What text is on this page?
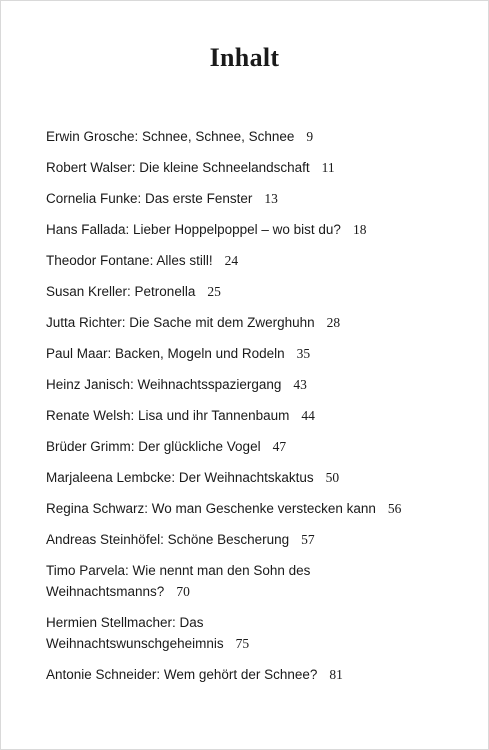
Inhalt
Erwin Grosche: Schnee, Schnee, Schnee 9
Robert Walser: Die kleine Schneelandschaft 11
Cornelia Funke: Das erste Fenster 13
Hans Fallada: Lieber Hoppelpoppel – wo bist du? 18
Theodor Fontane: Alles still! 24
Susan Kreller: Petronella 25
Jutta Richter: Die Sache mit dem Zwerghuhn 28
Paul Maar: Backen, Mogeln und Rodeln 35
Heinz Janisch: Weihnachtsspaziergang 43
Renate Welsh: Lisa und ihr Tannenbaum 44
Brüder Grimm: Der glückliche Vogel 47
Marjaleena Lembcke: Der Weihnachtskaktus 50
Regina Schwarz: Wo man Geschenke verstecken kann 56
Andreas Steinhöfel: Schöne Bescherung 57
Timo Parvela: Wie nennt man den Sohn des
Weihnachtsmanns? 70
Hermien Stellmacher: Das
Weihnachtswunschgeheimnis 75
Antonie Schneider: Wem gehört der Schnee? 81
